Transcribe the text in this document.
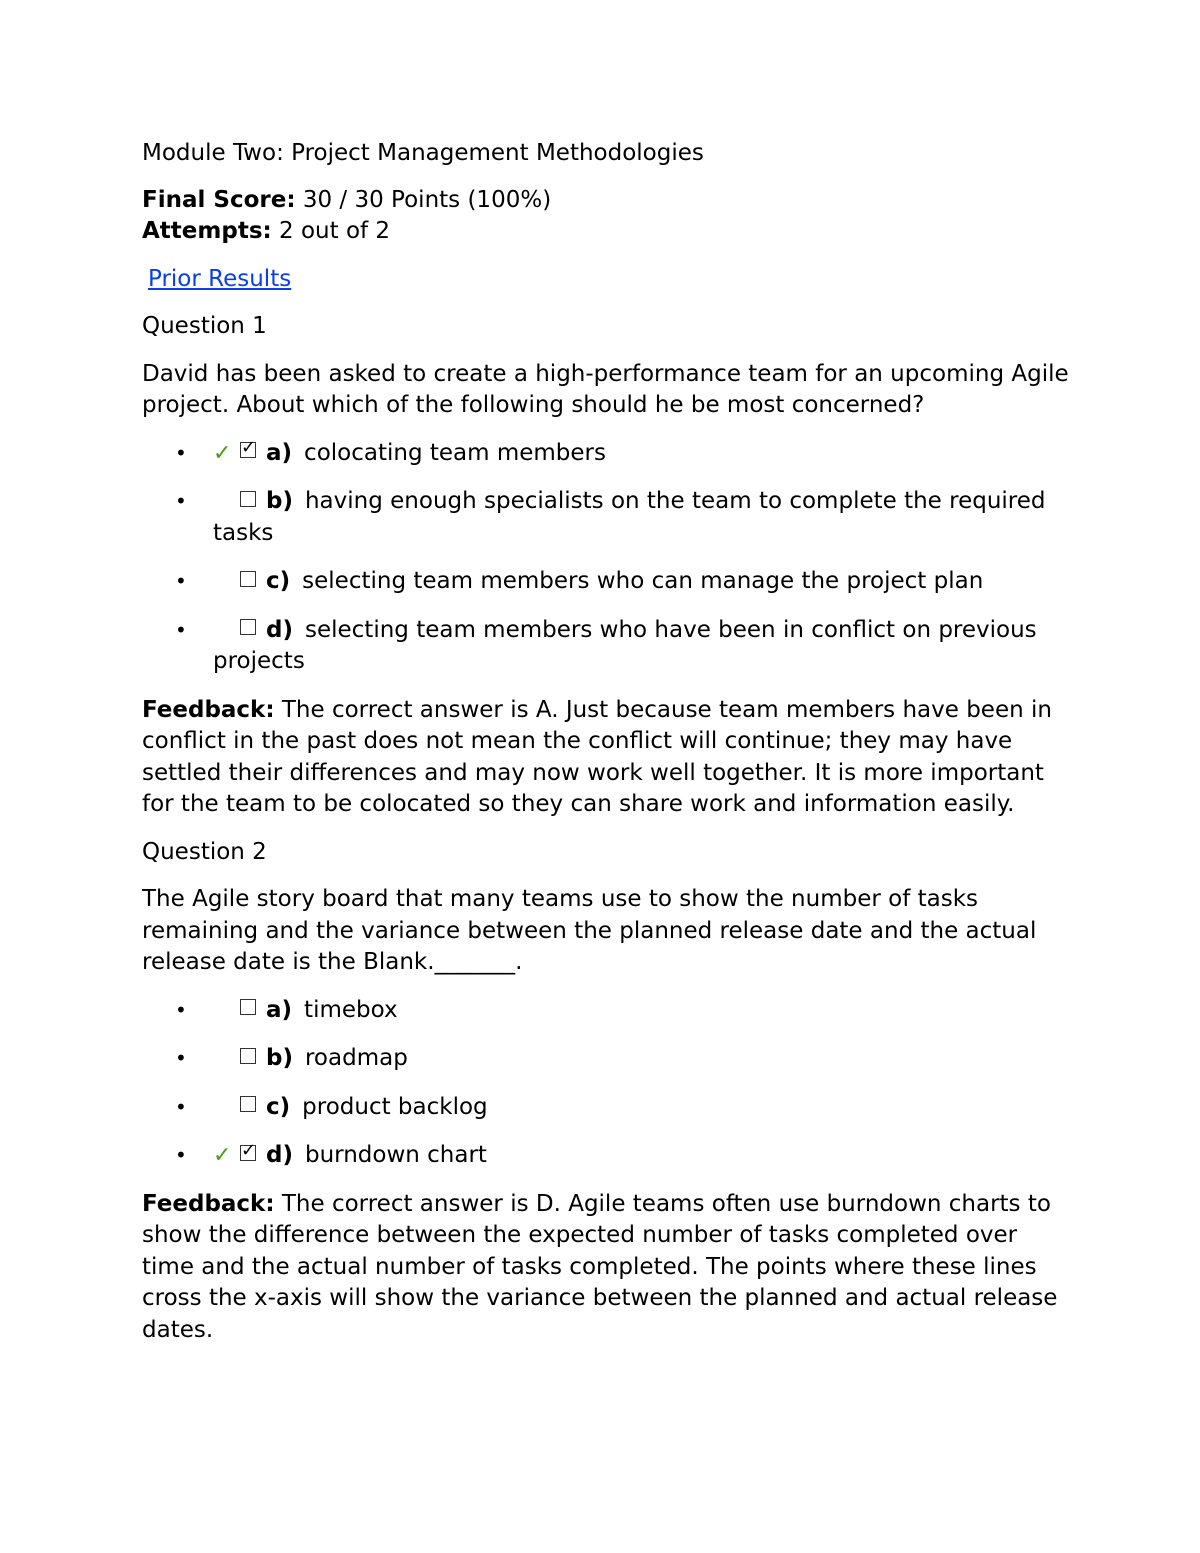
Module Two: Project Management Methodologies

Final Score: 30 / 30 Points (100%)

Attempts: 2 out of 2

Prior Results

Question 1

David has been asked to create a high-performance team for an upcoming Agile project. About which of the following should he be most concerned?

• ✓ ✓ a) colocating team members
•	b) having enough specialists on the team to complete the required tasks
•	c) selecting team members who can manage the project plan
•	d) selecting team members who have been in conflict on previous projects

Feedback: The correct answer is A. Just because team members have been in conflict in the past does not mean the conflict will continue; they may have settled their differences and may now work well together. It is more important for the team to be colocated so they can share work and information easily.

Question 2

The Agile story board that many teams use to show the number of tasks remaining and the variance between the planned release date and the actual release date is the Blank._______.

•	a) timebox
•	b) roadmap
•	c) product backlog
• ✓ ✓ d) burndown chart

Feedback: The correct answer is D. Agile teams often use burndown charts to show the difference between the expected number of tasks completed over time and the actual number of tasks completed. The points where these lines cross the x-axis will show the variance between the planned and actual release dates.
